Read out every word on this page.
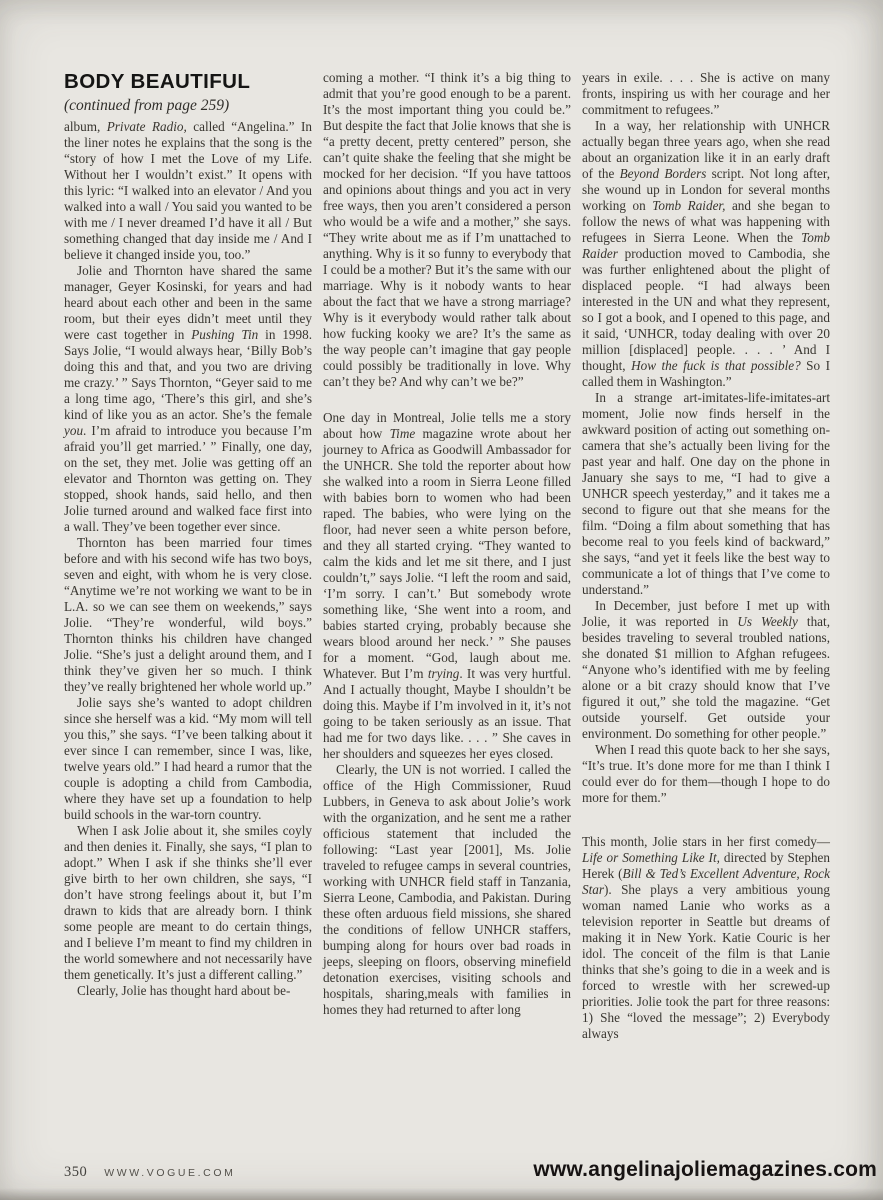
BODY BEAUTIFUL

(continued from page 259)

album, Private Radio, called “Angelina.” In the liner notes he explains that the song is the “story of how I met the Love of my Life. Without her I wouldn’t exist.” It opens with this lyric: “I walked into an elevator / And you walked into a wall / You said you wanted to be with me / I never dreamed I’d have it all / But something changed that day inside me / And I believe it changed inside you, too.”

Jolie and Thornton have shared the same manager, Geyer Kosinski, for years and had heard about each other and been in the same room, but their eyes didn’t meet until they were cast together in Pushing Tin in 1998. Says Jolie, “I would always hear, ‘Billy Bob’s doing this and that, and you two are driving me crazy.’ ” Says Thornton, “Geyer said to me a long time ago, ‘There’s this girl, and she’s kind of like you as an actor. She’s the female you. I’m afraid to introduce you because I’m afraid you’ll get married.’ ” Finally, one day, on the set, they met. Jolie was getting off an elevator and Thornton was getting on. They stopped, shook hands, said hello, and then Jolie turned around and walked face first into a wall. They’ve been together ever since.

Thornton has been married four times before and with his second wife has two boys, seven and eight, with whom he is very close. “Anytime we’re not working we want to be in L.A. so we can see them on weekends,” says Jolie. “They’re wonderful, wild boys.” Thornton thinks his children have changed Jolie. “She’s just a delight around them, and I think they’ve given her so much. I think they’ve really brightened her whole world up.”

Jolie says she’s wanted to adopt children since she herself was a kid. “My mom will tell you this,” she says. “I’ve been talking about it ever since I can remember, since I was, like, twelve years old.” I had heard a rumor that the couple is adopting a child from Cambodia, where they have set up a foundation to help build schools in the war-torn country.

When I ask Jolie about it, she smiles coyly and then denies it. Finally, she says, “I plan to adopt.” When I ask if she thinks she’ll ever give birth to her own children, she says, “I don’t have strong feelings about it, but I’m drawn to kids that are already born. I think some people are meant to do certain things, and I believe I’m meant to find my children in the world somewhere and not necessarily have them genetically. It’s just a different calling.”

Clearly, Jolie has thought hard about be-

coming a mother. “I think it’s a big thing to admit that you’re good enough to be a parent. It’s the most important thing you could be.” But despite the fact that Jolie knows that she is “a pretty decent, pretty centered” person, she can’t quite shake the feeling that she might be mocked for her decision. “If you have tattoos and opinions about things and you act in very free ways, then you aren’t considered a person who would be a wife and a mother,” she says. “They write about me as if I’m unattached to anything. Why is it so funny to everybody that I could be a mother? But it’s the same with our marriage. Why is it nobody wants to hear about the fact that we have a strong marriage? Why is it everybody would rather talk about how fucking kooky we are? It’s the same as the way people can’t imagine that gay people could possibly be traditionally in love. Why can’t they be? And why can’t we be?”

One day in Montreal, Jolie tells me a story about how Time magazine wrote about her journey to Africa as Goodwill Ambassador for the UNHCR. She told the reporter about how she walked into a room in Sierra Leone filled with babies born to women who had been raped. The babies, who were lying on the floor, had never seen a white person before, and they all started crying. “They wanted to calm the kids and let me sit there, and I just couldn’t,” says Jolie. “I left the room and said, ‘I’m sorry. I can’t.’ But somebody wrote something like, ‘She went into a room, and babies started crying, probably because she wears blood around her neck.’ ” She pauses for a moment. “God, laugh about me. Whatever. But I’m trying. It was very hurtful. And I actually thought, Maybe I shouldn’t be doing this. Maybe if I’m involved in it, it’s not going to be taken seriously as an issue. That had me for two days like. . . . ” She caves in her shoulders and squeezes her eyes closed.

Clearly, the UN is not worried. I called the office of the High Commissioner, Ruud Lubbers, in Geneva to ask about Jolie’s work with the organization, and he sent me a rather officious statement that included the following: “Last year [2001], Ms. Jolie traveled to refugee camps in several countries, working with UNHCR field staff in Tanzania, Sierra Leone, Cambodia, and Pakistan. During these often arduous field missions, she shared the conditions of fellow UNHCR staffers, bumping along for hours over bad roads in jeeps, sleeping on floors, observing minefield detonation exercises, visiting schools and hospitals, sharing,meals with families in homes they had returned to after long

years in exile. . . . She is active on many fronts, inspiring us with her courage and her commitment to refugees.”

In a way, her relationship with UNHCR actually began three years ago, when she read about an organization like it in an early draft of the Beyond Borders script. Not long after, she wound up in London for several months working on Tomb Raider, and she began to follow the news of what was happening with refugees in Sierra Leone. When the Tomb Raider production moved to Cambodia, she was further enlightened about the plight of displaced people. “I had always been interested in the UN and what they represent, so I got a book, and I opened to this page, and it said, ‘UNHCR, today dealing with over 20 million [displaced] people. . . . ’ And I thought, How the fuck is that possible? So I called them in Washington.”

In a strange art-imitates-life-imitates-art moment, Jolie now finds herself in the awkward position of acting out something on-camera that she’s actually been living for the past year and half. One day on the phone in January she says to me, “I had to give a UNHCR speech yesterday,” and it takes me a second to figure out that she means for the film. “Doing a film about something that has become real to you feels kind of backward,” she says, “and yet it feels like the best way to communicate a lot of things that I’ve come to understand.”

In December, just before I met up with Jolie, it was reported in Us Weekly that, besides traveling to several troubled nations, she donated $1 million to Afghan refugees. “Anyone who’s identified with me by feeling alone or a bit crazy should know that I’ve figured it out,” she told the magazine. “Get outside yourself. Get outside your environment. Do something for other people.”

When I read this quote back to her she says, “It’s true. It’s done more for me than I think I could ever do for them—though I hope to do more for them.”

This month, Jolie stars in her first comedy—Life or Something Like It, directed by Stephen Herek (Bill & Ted’s Excellent Adventure, Rock Star). She plays a very ambitious young woman named Lanie who works as a television reporter in Seattle but dreams of making it in New York. Katie Couric is her idol. The conceit of the film is that Lanie thinks that she’s going to die in a week and is forced to wrestle with her screwed-up priorities. Jolie took the part for three reasons: 1) She “loved the message”; 2) Everybody always

350 WWW.VOGUE.COM	www.angelinajoliemagazines.com
